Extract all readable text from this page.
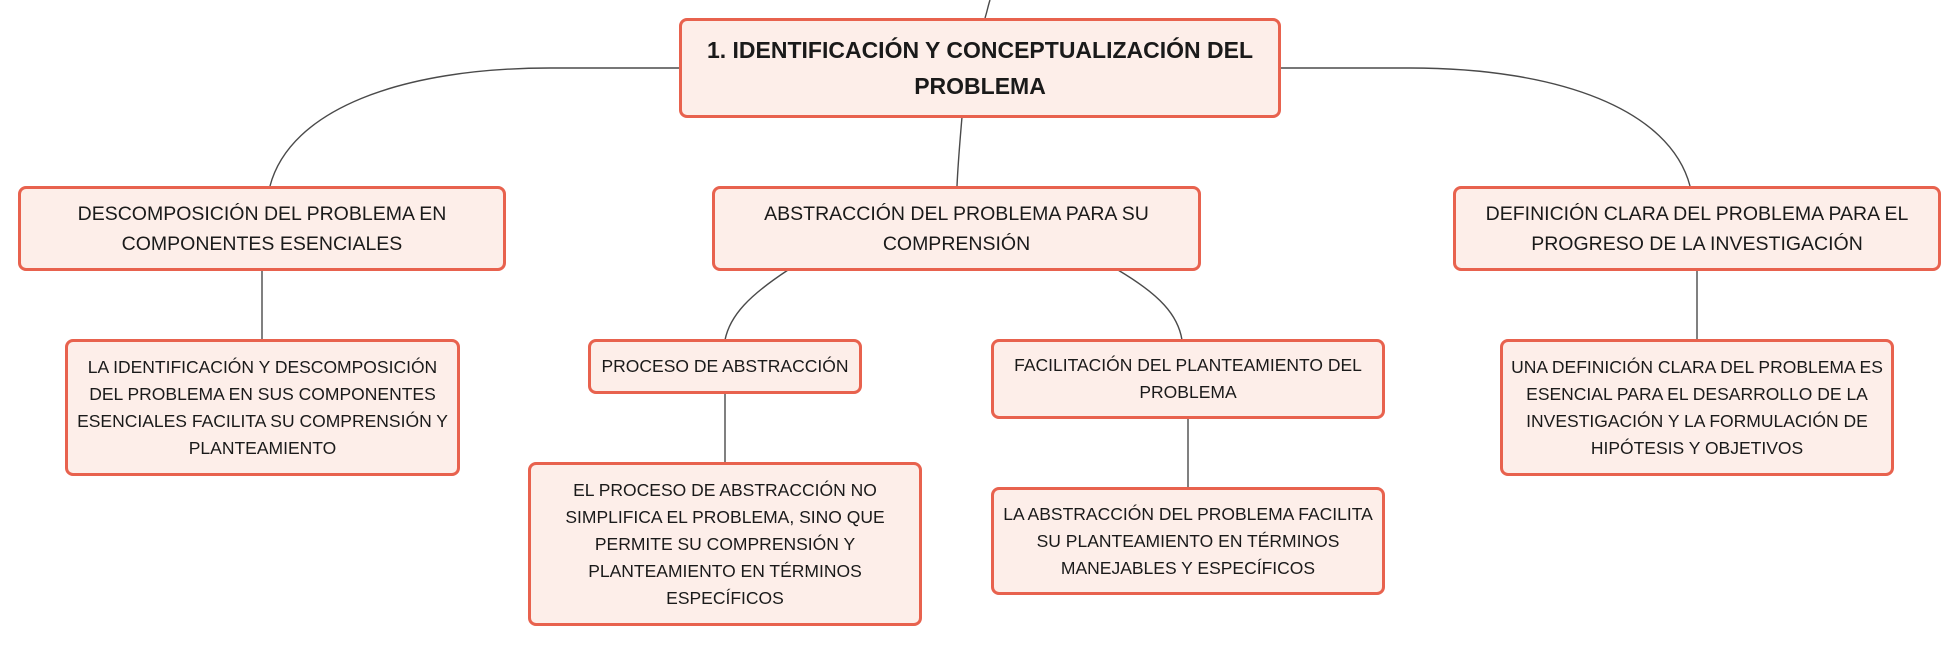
1. IDENTIFICACIÓN Y CONCEPTUALIZACIÓN DEL PROBLEMA
DESCOMPOSICIÓN DEL PROBLEMA EN COMPONENTES ESENCIALES
ABSTRACCIÓN DEL PROBLEMA PARA SU COMPRENSIÓN
DEFINICIÓN CLARA DEL PROBLEMA PARA EL PROGRESO DE LA INVESTIGACIÓN
LA IDENTIFICACIÓN Y DESCOMPOSICIÓN DEL PROBLEMA EN SUS COMPONENTES ESENCIALES FACILITA SU COMPRENSIÓN Y PLANTEAMIENTO
PROCESO DE ABSTRACCIÓN	FACILITACIÓN DEL PLANTEAMIENTO DEL PROBLEMA
UNA DEFINICIÓN CLARA DEL PROBLEMA ES ESENCIAL PARA EL DESARROLLO DE LA INVESTIGACIÓN Y LA FORMULACIÓN DE HIPÓTESIS Y OBJETIVOS
EL PROCESO DE ABSTRACCIÓN NO SIMPLIFICA EL PROBLEMA, SINO QUE PERMITE SU COMPRENSIÓN Y PLANTEAMIENTO EN TÉRMINOS ESPECÍFICOS
LA ABSTRACCIÓN DEL PROBLEMA FACILITA SU PLANTEAMIENTO EN TÉRMINOS MANEJABLES Y ESPECÍFICOS
